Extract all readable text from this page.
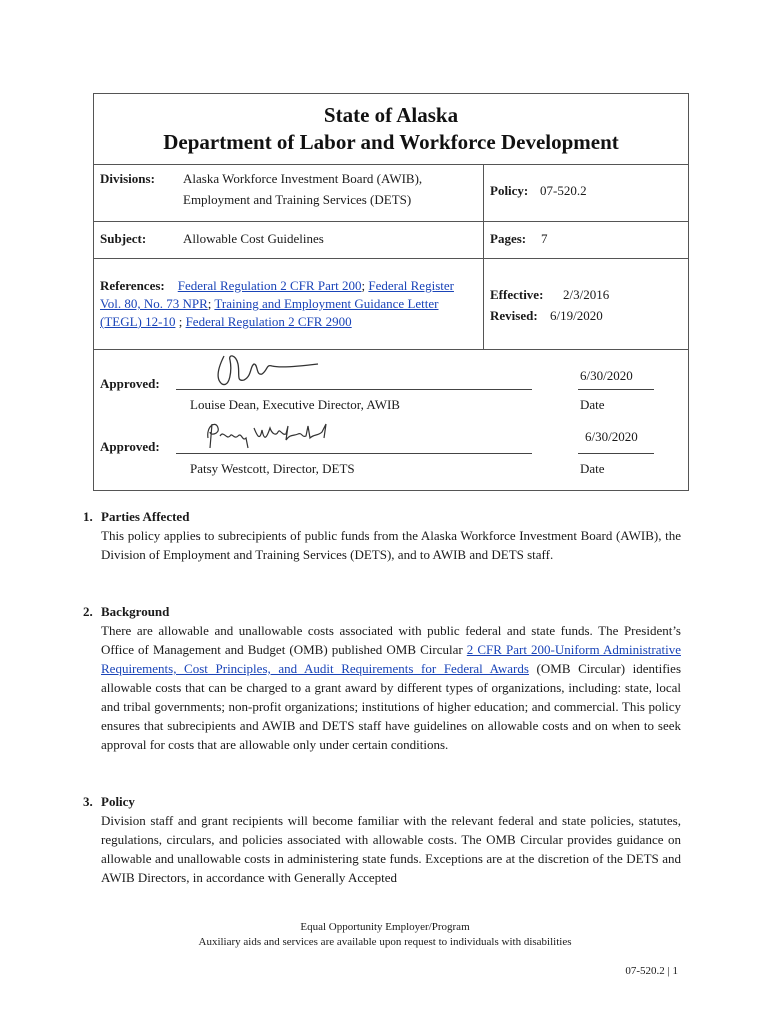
State of Alaska
Department of Labor and Workforce Development
Divisions: Alaska Workforce Investment Board (AWIB),
Employment and Training Services (DETS)
Policy: 07-520.2
Subject:	Allowable Cost Guidelines	Pages: 7
References: Federal Regulation 2 CFR Part 200; Federal Register Vol. 80, No. 73 NPR; Training and Employment Guidance Letter (TEGL) 12-10 ; Federal Regulation 2 CFR 2900
Effective: 2/3/2016
Revised: 6/19/2020
Approved:
Louise Dean, Executive Director, AWIB
6/30/2020
Date
Approved:
Patsy Westcott, Director, DETS
6/30/2020
Date
1. Parties Affected
This policy applies to subrecipients of public funds from the Alaska Workforce Investment Board (AWIB), the Division of Employment and Training Services (DETS), and to AWIB and DETS staff.
2. Background
There are allowable and unallowable costs associated with public federal and state funds. The President’s Office of Management and Budget (OMB) published OMB Circular 2 CFR Part 200-Uniform Administrative Requirements, Cost Principles, and Audit Requirements for Federal Awards (OMB Circular) identifies allowable costs that can be charged to a grant award by different types of organizations, including: state, local and tribal governments; non-profit organizations; institutions of higher education; and commercial. This policy ensures that subrecipients and AWIB and DETS staff have guidelines on allowable costs and on when to seek approval for costs that are allowable only under certain conditions.
3. Policy
Division staff and grant recipients will become familiar with the relevant federal and state policies, statutes, regulations, circulars, and policies associated with allowable costs. The OMB Circular provides guidance on allowable and unallowable costs in administering state funds. Exceptions are at the discretion of the DETS and AWIB Directors, in accordance with Generally Accepted
Equal Opportunity Employer/Program
Auxiliary aids and services are available upon request to individuals with disabilities
07-520.2 | 1
